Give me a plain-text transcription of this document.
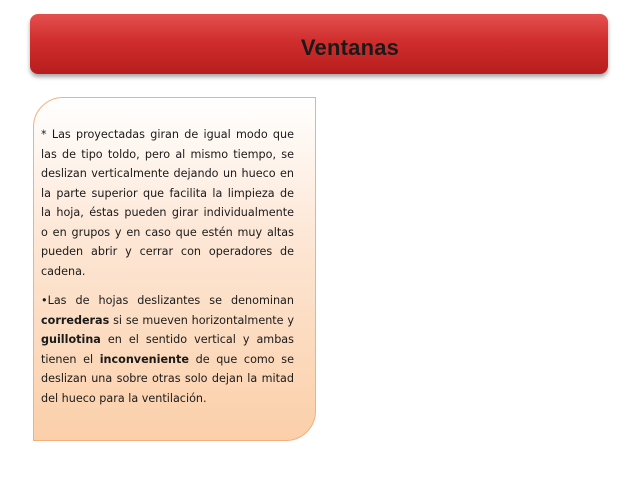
Ventanas

* Las proyectadas giran de igual modo que las de tipo toldo, pero al mismo tiempo, se deslizan verticalmente dejando un hueco en la parte superior que facilita la limpieza de la hoja, éstas pueden girar individualmente o en grupos y en caso que estén muy altas pueden abrir y cerrar con operadores de cadena.

•Las de hojas deslizantes se denominan correderas si se mueven horizontalmente y guillotina en el sentido vertical y ambas tienen el inconveniente de que como se deslizan una sobre otras solo dejan la mitad del hueco para la ventilación.
